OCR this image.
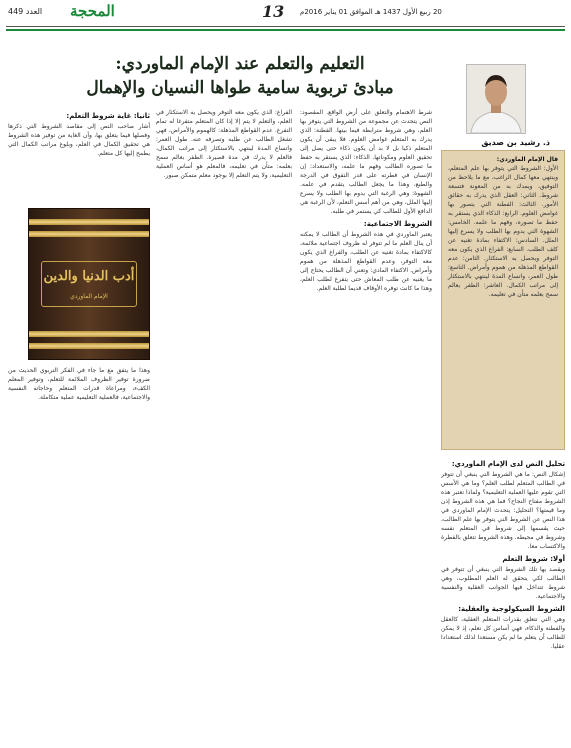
المحجة
العدد 449	13 20 ربيع الأول 1437 هـ الموافق 01 يناير 2016م
التعليم والتعلم عند الإمام الماوردي:
مبادئ تربوية سامية طواها النسيان والإهمال
ذ. رشيد بن صديق
قال الإمام الماوردي:
الأول: الشروط التي يتوفر بها علم المتعلم، وينتهي معها كمال الراغب، مع ما يلاحظ من التوفيق، ويمدك به من المعونة فتسعة شروط. الثاني: العقل الذي يدرك به حقائق الأمور. الثالث: الفطنة التي يتصور بها غوامض العلوم. الرابع: الذكاء الذي يستقر به حفظ ما تصوره، وفهم ما علمه. الخامس: الشهوة التي يدوم بها الطلب ولا يسرع إليها الملل. السادس: الاكتفاء بمادة تغنيه عن كلف الطلب. السابع: الفراغ الذي يكون معه التوفر ويحصل به الاستكثار. الثامن: عدم القواطع المذهلة من هموم وأمراض. التاسع: طول العمر، واتساع المدة لينتهي بالاستكثار إلى مراتب الكمال. العاشر: الظفر بعالم سمح بعلمه متأن في تعليمه.
تحليل النص لدى الإمام الماوردي:
إشكال النص: ما هي الشروط التي ينبغي أن تتوفر في الطالب المتعلم لطلب العلم؟ وما هي الأسس التي تقوم عليها العملية التعليمية؟ ولماذا تعتبر هذه الشروط مفتاح النجاح؟ فما هي هذه الشروط إذن وما قيمتها؟ التحليل: يتحدث الإمام الماوردي في هذا النص عن الشروط التي يتوفر بها علم الطالب، حيث يقسمها إلى شروط في المتعلم نفسه وشروط في محيطه. وهذه الشروط تتعلق بالفطرة والاكتساب معا.
أولا: شروط التعلم
ويقصد بها تلك الشروط التي ينبغي أن تتوفر في الطالب لكي يتحقق له العلم المطلوب، وهي شروط تتداخل فيها الجوانب العقلية والنفسية والاجتماعية.
الشروط السيكولوجية والعقلية:
وهي التي تتعلق بقدرات المتعلم العقلية، كالعقل والفطنة والذكاء، فهي أساس كل تعلم، إذ لا يمكن للطالب أن يتعلم ما لم يكن مستعدا لذلك استعدادا عقليا.
شرط الاهتمام والتعلق على أرض الواقع. المقصود: النص يتحدث عن مجموعة من الشروط التي يتوفر بها العلم، وهي شروط مترابطة فيما بينها. الفطنة: الذي يدرك به المتعلم غوامض العلوم. فلا يبقى أن يكون المتعلم ذكيا بل لا بد أن يكون ذكاء حتى يصل إلى تحقيق العلوم ومكوناتها. الذكاء: الذي يستقر به حفظ ما تصوره الطالب وفهم ما علمه، والاستعداد: إن الإنسان في فطرته على قدر التفوق في الدرجة والطبع، وهذا ما يجعل الطالب يتقدم في علمه. الشهوة: وهي الرغبة التي يدوم بها الطلب ولا يسرع إليها الملل، وهي من أهم أسس التعلم، لأن الرغبة هي الدافع الأول للطالب كي يستمر في طلبه.
الشروط الاجتماعية:
يعتبر الماوردي في هذه الشروط أن الطالب لا يمكنه أن ينال العلم ما لم تتوفر له ظروف اجتماعية ملائمة، كالاكتفاء بمادة تغنيه عن الطلب، والفراغ الذي يكون معه التوفر، وعدم القواطع المذهلة من هموم وأمراض. الاكتفاء المادي: وتعني أن الطالب يحتاج إلى ما يغنيه عن طلب المعاش حتى يتفرغ لطلب العلم، وهذا ما كانت توفره الأوقاف قديما لطلبة العلم.
الفراغ: الذي يكون معه التوفر ويحصل به الاستكثار في العلم، والتعلم لا يتم إلا إذا كان المتعلم متفرغا له تمام التفرغ. عدم القواطع المذهلة: كالهموم والأمراض، فهي تشغل الطالب عن طلبه وتصرفه عنه. طول العمر: واتساع المدة لينتهي بالاستكثار إلى مراتب الكمال، فالعلم لا يدرك في مدة قصيرة. الظفر بعالم سمح بعلمه: متأن في تعليمه، فالمعلم هو أساس العملية التعليمية، ولا يتم التعلم إلا بوجود معلم متمكن صبور.
ثانيا: غاية شروط التعلم:
أشار صاحب النص إلى مقاصد الشروط التي ذكرها وفصلها فيما يتعلق بها، وأن الغاية من توفير هذه الشروط هي تحقيق الكمال في العلم، وبلوغ مراتب الكمال التي يطمح إليها كل متعلم.
أدب الدنيا والدين
الإمام الماوردي
وهذا ما يتفق مع ما جاء في الفكر التربوي الحديث من ضرورة توفير الظروف الملائمة للتعلم، وتوفير المعلم الكفء، ومراعاة قدرات المتعلم وحاجاته النفسية والاجتماعية، فالعملية التعليمية عملية متكاملة.
